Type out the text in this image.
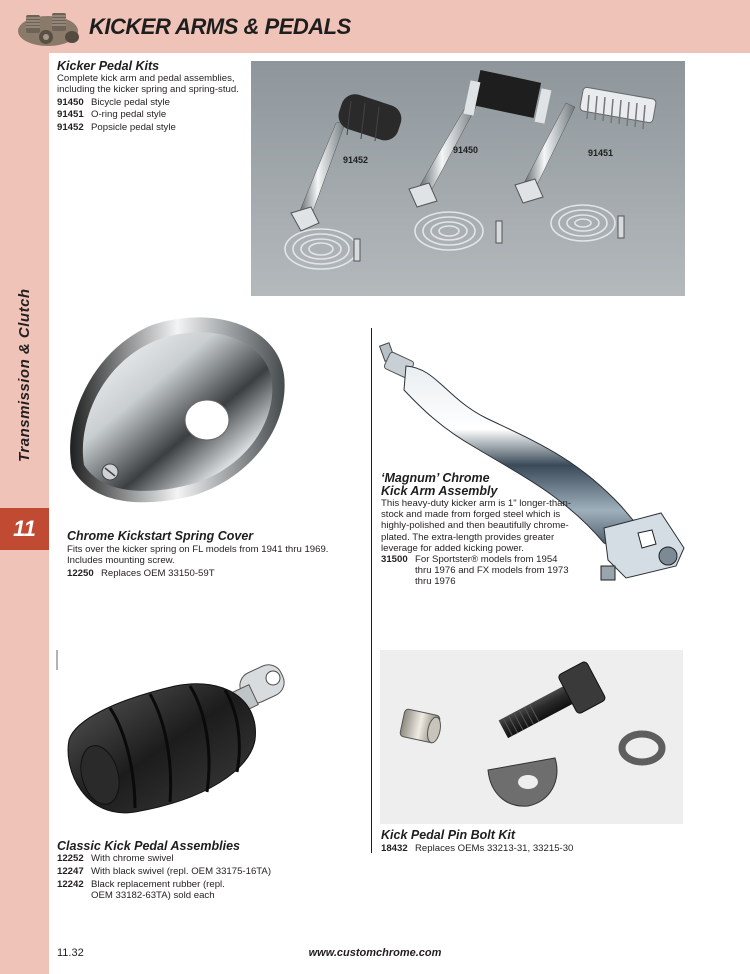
KICKER ARMS & PEDALS
Transmission & Clutch
11
Kicker Pedal Kits
Complete kick arm and pedal assemblies, including the kicker spring and spring-stud.
91450 Bicycle pedal style
91451 O-ring pedal style
91452 Popsicle pedal style
91452
91450	91451
Chrome Kickstart Spring Cover
Fits over the kicker spring on FL models from 1941 thru 1969. Includes mounting screw.
12250 Replaces OEM 33150-59T
‘Magnum’ Chrome
Kick Arm Assembly
This heavy-duty kicker arm is 1" longer-than-stock and made from forged steel which is highly-polished and then beautifully chrome-plated. The extra-length provides greater leverage for added kicking power.
31500 For Sportster® models from 1954 thru 1976 and FX models from 1973 thru 1976
Classic Kick Pedal Assemblies
12252 With chrome swivel
12247 With black swivel (repl. OEM 33175-16TA)
12242 Black replacement rubber (repl. OEM 33182-63TA) sold each
Kick Pedal Pin Bolt Kit
18432 Replaces OEMs 33213-31, 33215-30
11.32	www.customchrome.com
